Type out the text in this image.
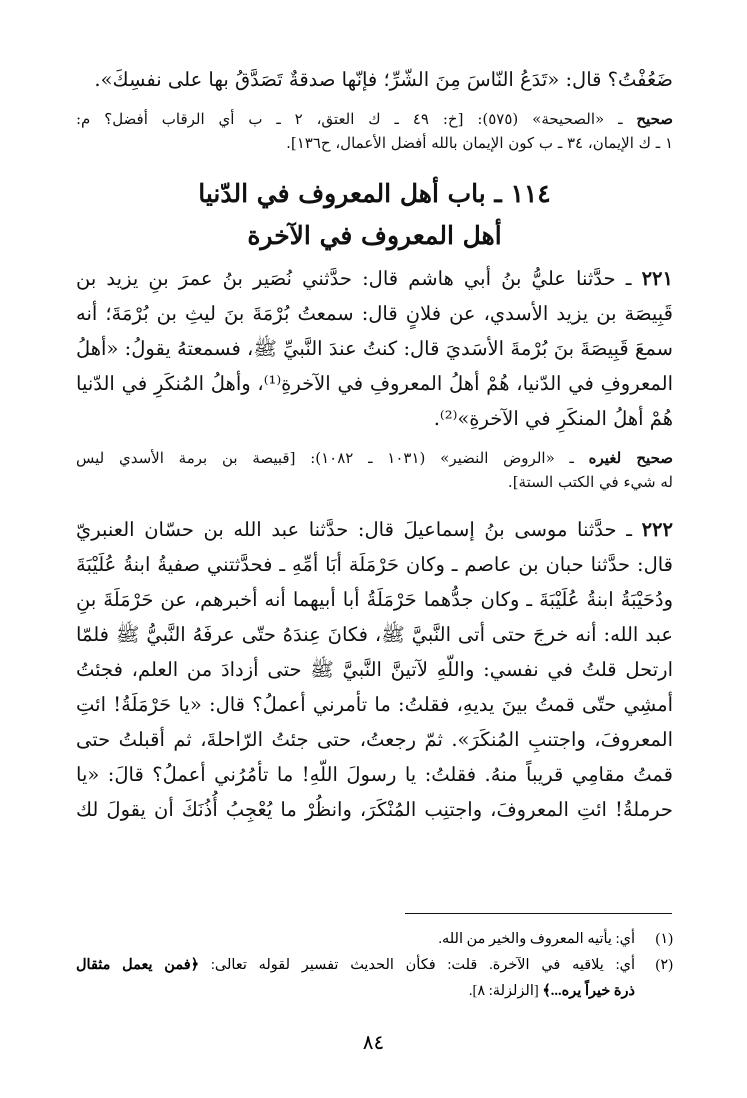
ضَعُفْتُ؟ قال: «تَدَعُ النّاسَ مِنَ الشّرِّ؛ فإنّها صدقةٌ تَصَدَّقُ بها على نفسِكَ».
صحيح ـ «الصحيحة» (٥٧٥): [خ: ٤٩ ـ ك العتق، ٢ ـ ب أي الرقاب أفضل؟ م:
١ ـ ك الإيمان، ٣٤ ـ ب كون الإيمان بالله أفضل الأعمال، ح١٣٦].
١١٤ ـ باب أهل المعروف في الدّنيا
أهل المعروف في الآخرة
٢٢١ ـ حدَّثنا عليُّ بنُ أبي هاشم قال: حدَّثني نُصَير بنُ عمرَ بنِ يزيد بن
قَبِيصَة بن يزيد الأسدي، عن فلانٍ قال: سمعتُ بُرْمَةَ بنَ ليثِ بن بُرْمَةَ؛ أنه
سمعَ قَبِيصَةَ بنَ بُرْمةَ الأسَديَ قال: كنتُ عندَ النَّبيِّ ﷺ، فسمعتهُ يقولُ: «أهلُ
المعروفِ في الدّنيا، هُمْ أهلُ المعروفِ في الآخرةِ⁽¹⁾، وأهلُ المُنكَرِ في الدّنيا
هُمْ أهلُ المنكَرِ في الآخرةِ»⁽²⁾.
صحيح لغيره ـ «الروض النضير» (١٠٣١ ـ ١٠٨٢): [قبيصة بن برمة الأسدي ليس
له شيء في الكتب الستة].
٢٢٢ ـ حدَّثنا موسى بنُ إسماعيلَ قال: حدَّثنا عبد الله بن حسّان العنبريّ
قال: حدَّثنا حبان بن عاصم ـ وكان حَرْمَلَة أبَا أمِّهِ ـ فحدَّثتني صفيةُ ابنةُ عُلَيْبَةَ
ودُحَيْبَةُ ابنةُ عُلَيْبَةَ ـ وكان جدُّهما حَرْمَلَةُ أبا أبيهما أنه أخبرهم، عن حَرْمَلَةَ بنِ
عبد الله: أنه خرجَ حتى أتى النَّبيَّ ﷺ، فكانَ عِندَهُ حتّى عرفَهُ النَّبيُّ ﷺ فلمّا
ارتحل قلتُ في نفسي: واللّهِ لآتينَّ النَّبيَّ ﷺ حتى أزدادَ من العلم، فجئتُ
أمشِي حتّى قمتُ بينَ يديهِ، فقلتُ: ما تأمرني أعملُ؟ قال: «يا حَرْمَلَةُ! ائتِ
المعروفَ، واجتنبِ المُنكَرَ». ثمّ رجعتُ، حتى جئتُ الرّاحلةَ، ثم أقبلتُ حتى
قمتُ مقامِي قريباً منهُ. فقلتُ: يا رسولَ اللّهِ! ما تأمُرُني أعملُ؟ قالَ: «يا
حرملةُ! ائتِ المعروفَ، واجتنِب المُنْكَرَ، وانظُرْ ما يُعْجِبُ أُذُنَكَ أن يقولَ لك
(١)أي: يأتيه المعروف والخير من الله.
(٢)أي: يلاقيه في الآخرة. قلت: فكأن الحديث تفسير لقوله تعالى: ﴿فمن يعمل مثقال
ذرة خيراً يره...﴾ [الزلزلة: ٨].
٨٤
